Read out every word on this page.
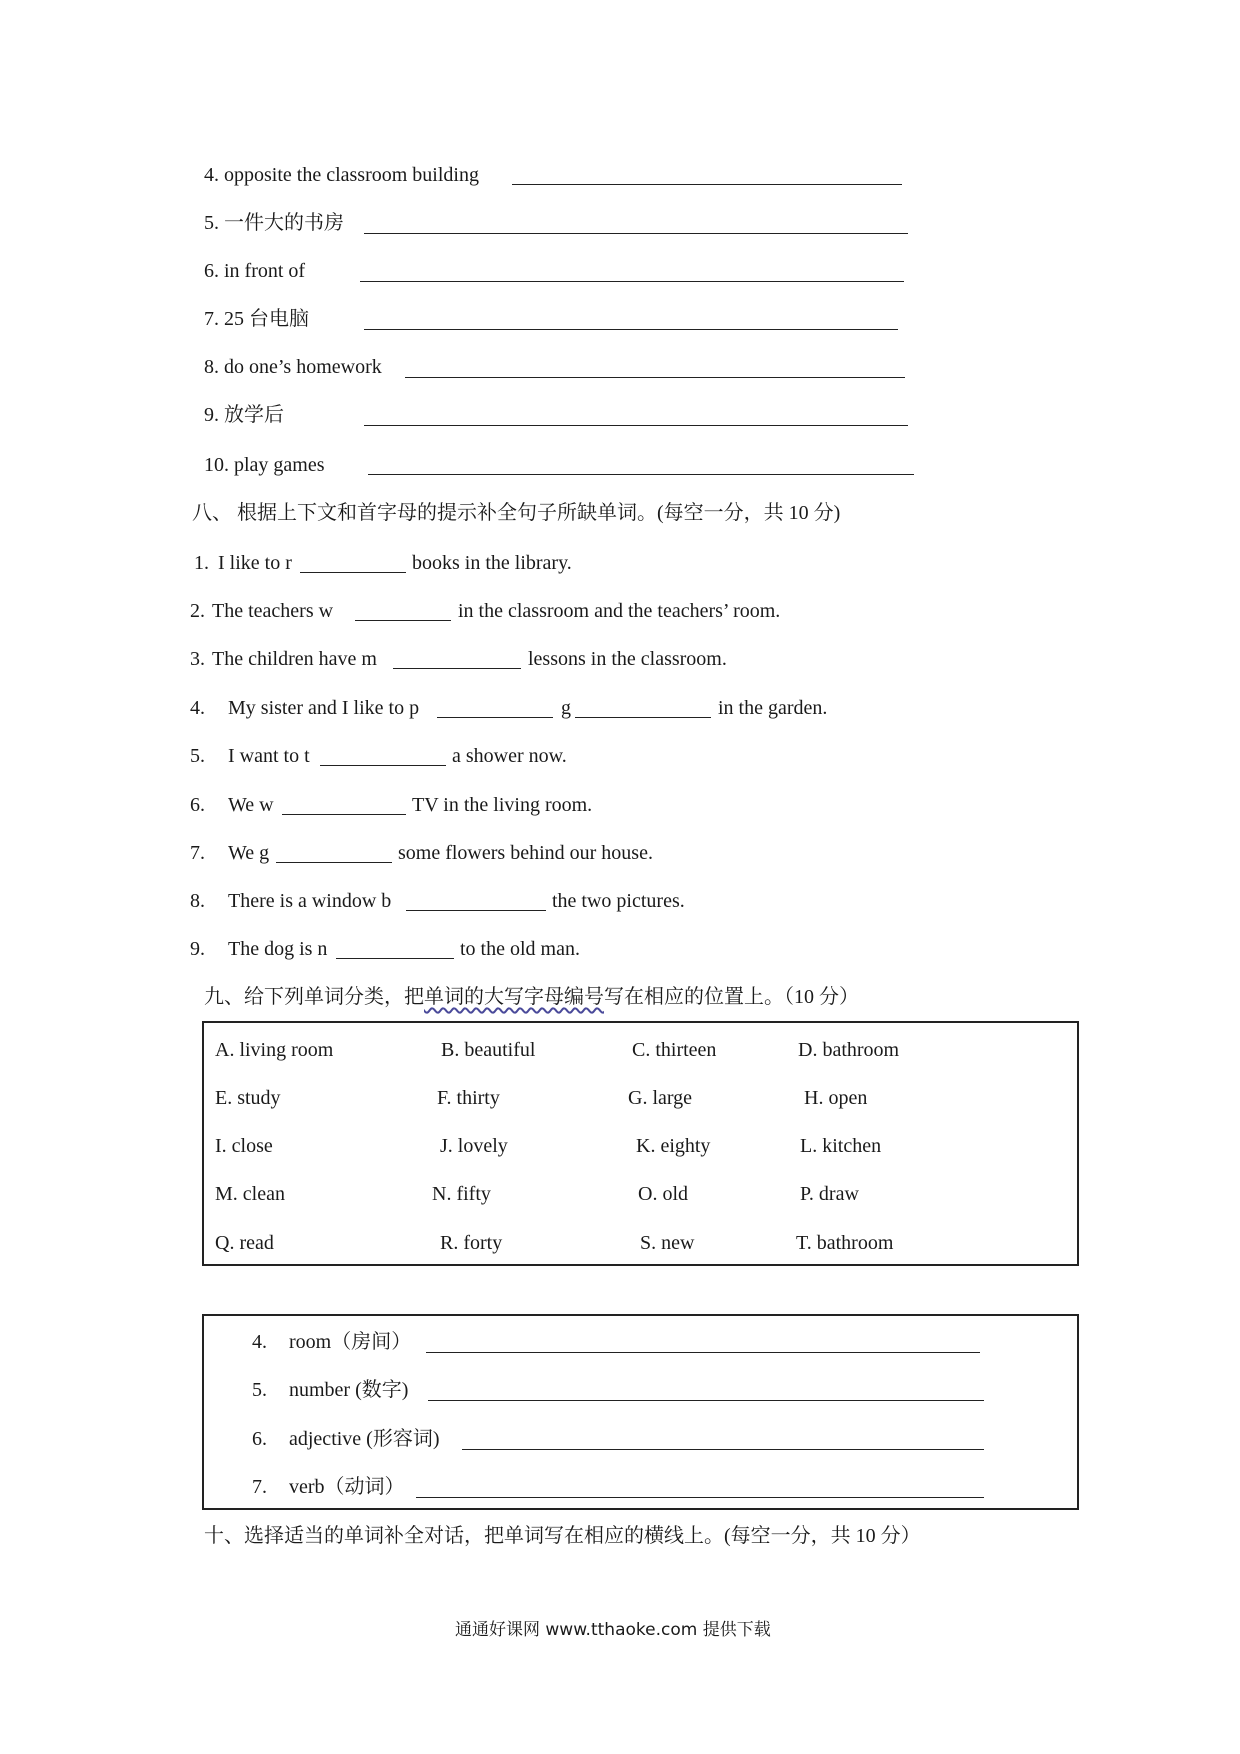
4. opposite the classroom building
5. 一件大的书房
6. in front of
7. 25 台电脑
8. do one’s homework
9. 放学后
10. play games
八、 根据上下文和首字母的提示补全句子所缺单词。(每空一分，共 10 分)
1. I like to r	books in the library.
2. The teachers w	in the classroom and the teachers’ room.
3. The children have m	lessons in the classroom.
4. My sister and I like to p	g	in the garden.
5. I want to t	a shower now.
6. We w	TV in the living room.
7. We g	some flowers behind our house.
8. There is a window b	the two pictures.
9. The dog is n	to the old man.
九、给下列单词分类，把单词的大写字母编号写在相应的位置上。（10 分）
A. living room	B. beautiful	C. thirteen	D. bathroom
E. study	F. thirty	G. large	H. open
I. close	J. lovely	K. eighty	L. kitchen
M. clean	N. fifty	O. old	P. draw
Q. read	R. forty	S. new	T. bathroom
4. room（房间）
5. number (数字)
6. adjective (形容词)
7. verb（动词）
十、选择适当的单词补全对话，把单词写在相应的横线上。(每空一分，共 10 分）
通通好课网 www.tthaoke.com 提供下载
